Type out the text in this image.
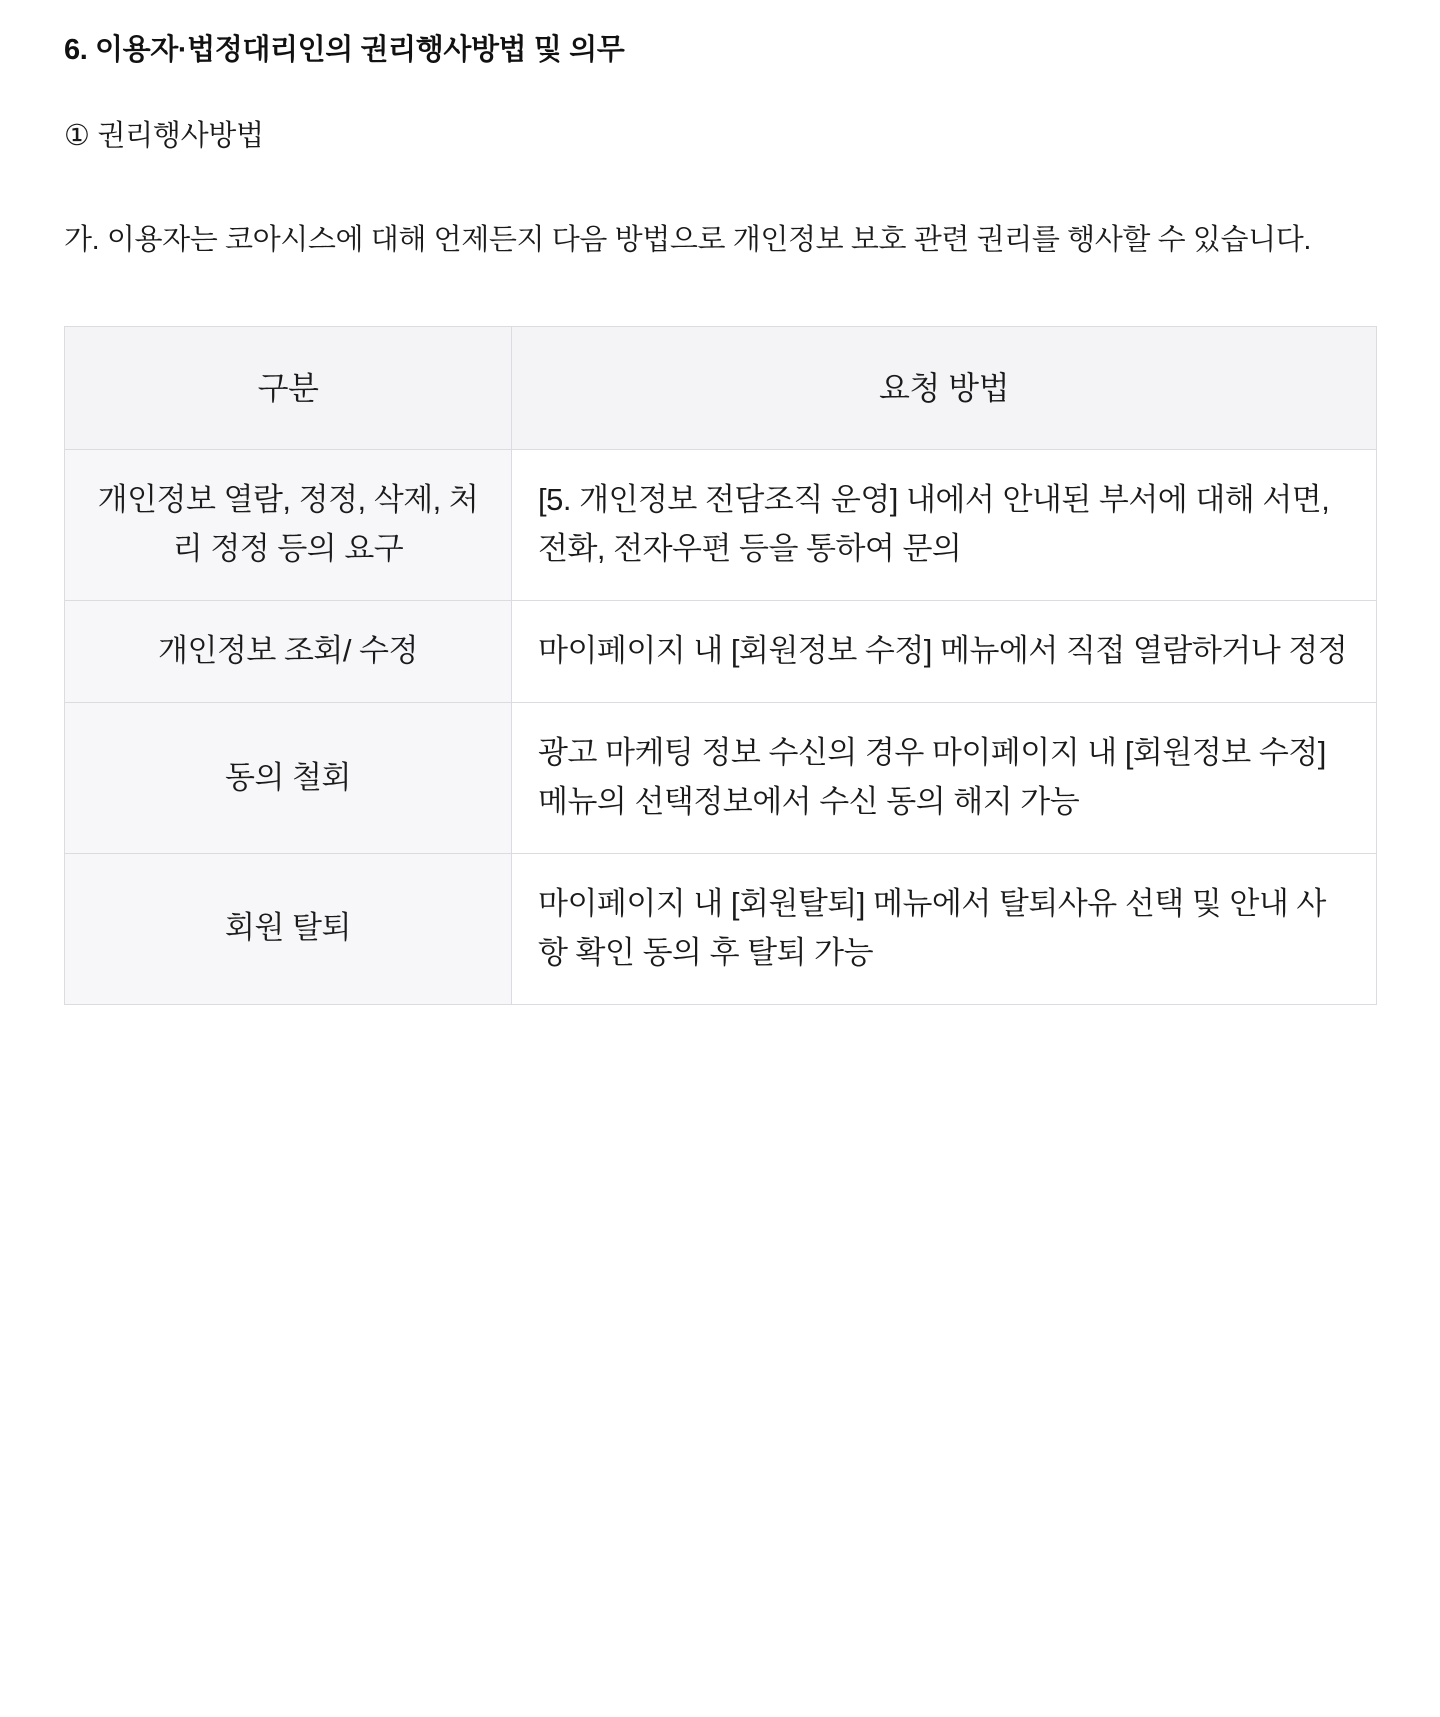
6. 이용자·법정대리인의 권리행사방법 및 의무

① 권리행사방법

가. 이용자는 코아시스에 대해 언제든지 다음 방법으로 개인정보 보호 관련 권리를 행사할 수 있습니다.

구분	요청 방법
개인정보 열람, 정정, 삭제, 처리 정정 등의 요구	[5. 개인정보 전담조직 운영] 내에서 안내된 부서에 대해 서면, 전화, 전자우편 등을 통하여 문의
개인정보 조회/ 수정	마이페이지 내 [회원정보 수정] 메뉴에서 직접 열람하거나 정정
동의 철회	광고 마케팅 정보 수신의 경우 마이페이지 내 [회원정보 수정] 메뉴의 선택정보에서 수신 동의 해지 가능
회원 탈퇴	마이페이지 내 [회원탈퇴] 메뉴에서 탈퇴사유 선택 및 안내 사항 확인 동의 후 탈퇴 가능
